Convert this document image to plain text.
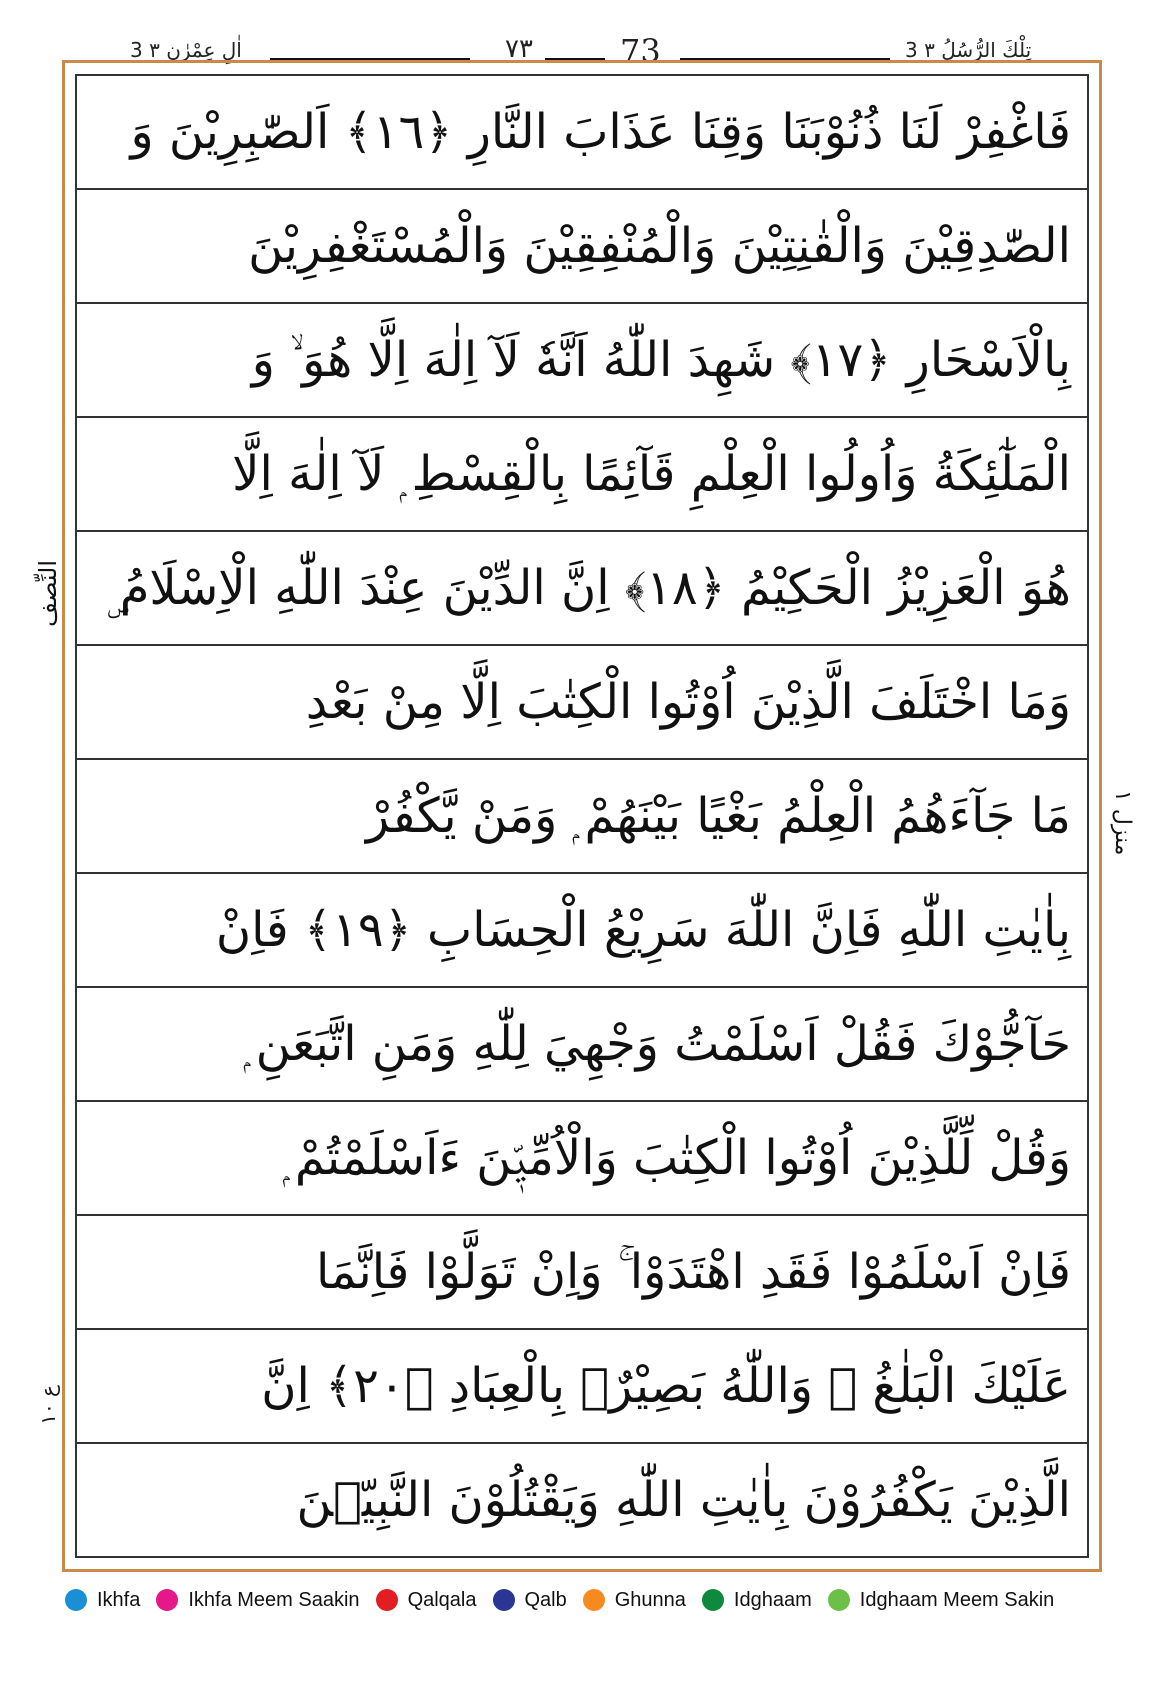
3 اٰلِ عِمْرٰن ٣	٧٣	73	3 تِلْكَ الرُّسُلُ ٣
فَاغْفِرْ لَنَا ذُنُوْبَنَا وَقِنَا عَذَابَ النَّارِ ﴿١٦﴾ اَلصّٰبِرِيْنَ وَ
الصّٰدِقِيْنَ وَالْقٰنِتِيْنَ وَالْمُنْفِقِيْنَ وَالْمُسْتَغْفِرِيْنَ
بِالْاَسْحَارِ ﴿١٧﴾ شَهِدَ اللّٰهُ اَنَّهٗ لَآ اِلٰهَ اِلَّا هُوَ ۙ وَ
الْمَلٰٓئِكَةُ وَاُولُوا الْعِلْمِ قَآئِمًا بِالْقِسْطِ ۭ لَآ اِلٰهَ اِلَّا
هُوَ الْعَزِيْزُ الْحَكِيْمُ ﴿١٨﴾ اِنَّ الدِّيْنَ عِنْدَ اللّٰهِ الْاِسْلَامُ ۣ
وَمَا اخْتَلَفَ الَّذِيْنَ اُوْتُوا الْكِتٰبَ اِلَّا مِنْ بَعْدِ
مَا جَآءَهُمُ الْعِلْمُ بَغْيًا بَيْنَهُمْ ۭ وَمَنْ يَّكْفُرْ
بِاٰيٰتِ اللّٰهِ فَاِنَّ اللّٰهَ سَرِيْعُ الْحِسَابِ ﴿١٩﴾ فَاِنْ
حَآجُّوْكَ فَقُلْ اَسْلَمْتُ وَجْهِيَ لِلّٰهِ وَمَنِ اتَّبَعَنِ ۭ
وَقُلْ لِّلَّذِيْنَ اُوْتُوا الْكِتٰبَ وَالْاُمِّيّٖنَ ءَاَسْلَمْتُمْ ۭ
فَاِنْ اَسْلَمُوْا فَقَدِ اهْتَدَوْا ۚ وَاِنْ تَوَلَّوْا فَاِنَّمَا
عَلَيْكَ الْبَلٰغُ ۭ وَاللّٰهُ بَصِيْرٌۢ بِالْعِبَادِ ﴿٢٠﴾ اِنَّ
الَّذِيْنَ يَكْفُرُوْنَ بِاٰيٰتِ اللّٰهِ وَيَقْتُلُوْنَ النَّبِيّٖنَ
النِّصف
منزل ١
ع ١٠
Ikhfa Ikhfa Meem Saakin Qalqala Qalb Ghunna Idghaam Idghaam Meem Sakin
